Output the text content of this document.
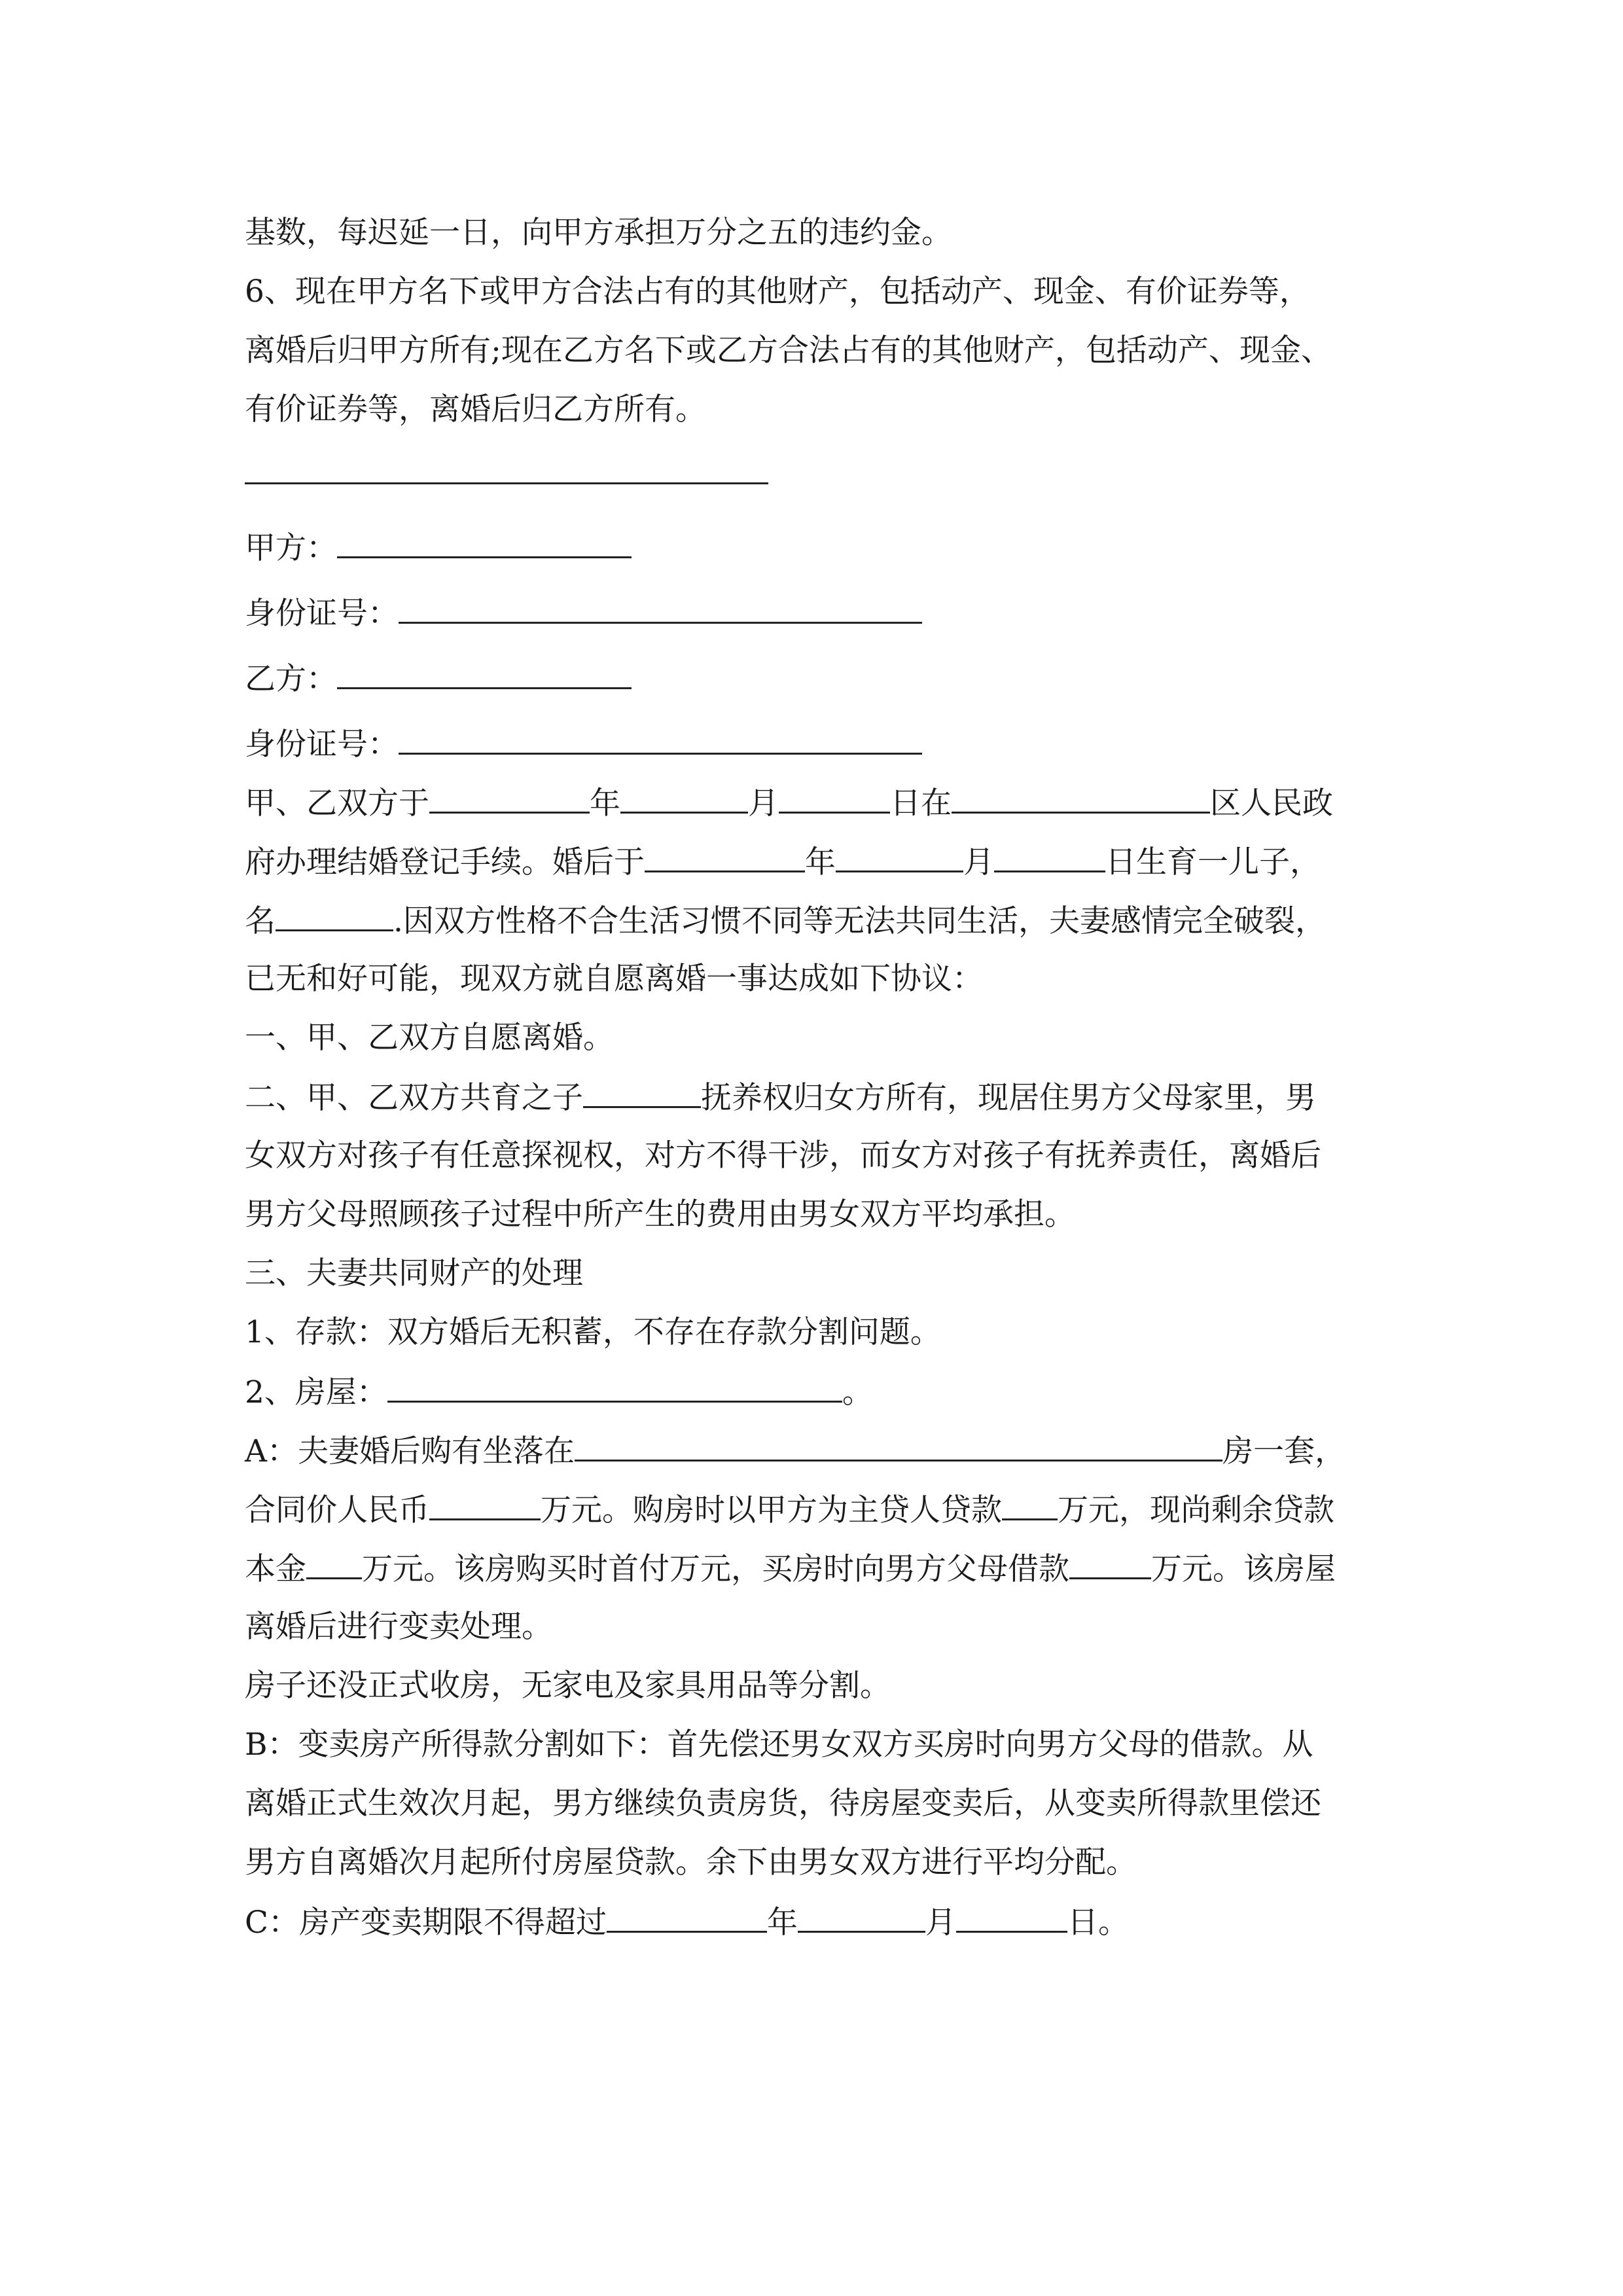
基数，每迟延一日，向甲方承担万分之五的违约金。
6、现在甲方名下或甲方合法占有的其他财产，包括动产、现金、有价证券等，
离婚后归甲方所有;现在乙方名下或乙方合法占有的其他财产，包括动产、现金、
有价证券等，离婚后归乙方所有。
甲方：
身份证号：
乙方：
身份证号：
甲、乙双方于	年	月	日在	区人民政
府办理结婚登记手续。婚后于	年	月	日生育一儿子，
名	.因双方性格不合生活习惯不同等无法共同生活，夫妻感情完全破裂，
已无和好可能，现双方就自愿离婚一事达成如下协议：
一、甲、乙双方自愿离婚。
二、甲、乙双方共育之子	抚养权归女方所有，现居住男方父母家里，男
女双方对孩子有任意探视权，对方不得干涉，而女方对孩子有抚养责任，离婚后
男方父母照顾孩子过程中所产生的费用由男女双方平均承担。
三、夫妻共同财产的处理
1、存款：双方婚后无积蓄，不存在存款分割问题。
2、房屋：	。
A：夫妻婚后购有坐落在	房一套，
合同价人民币	万元。购房时以甲方为主贷人贷款 万元，现尚剩余贷款
本金 万元。该房购买时首付万元，买房时向男方父母借款	万元。该房屋
离婚后进行变卖处理。
房子还没正式收房，无家电及家具用品等分割。
B：变卖房产所得款分割如下：首先偿还男女双方买房时向男方父母的借款。从
离婚正式生效次月起，男方继续负责房货，待房屋变卖后，从变卖所得款里偿还
男方自离婚次月起所付房屋贷款。余下由男女双方进行平均分配。
C：房产变卖期限不得超过	年	月	日。
